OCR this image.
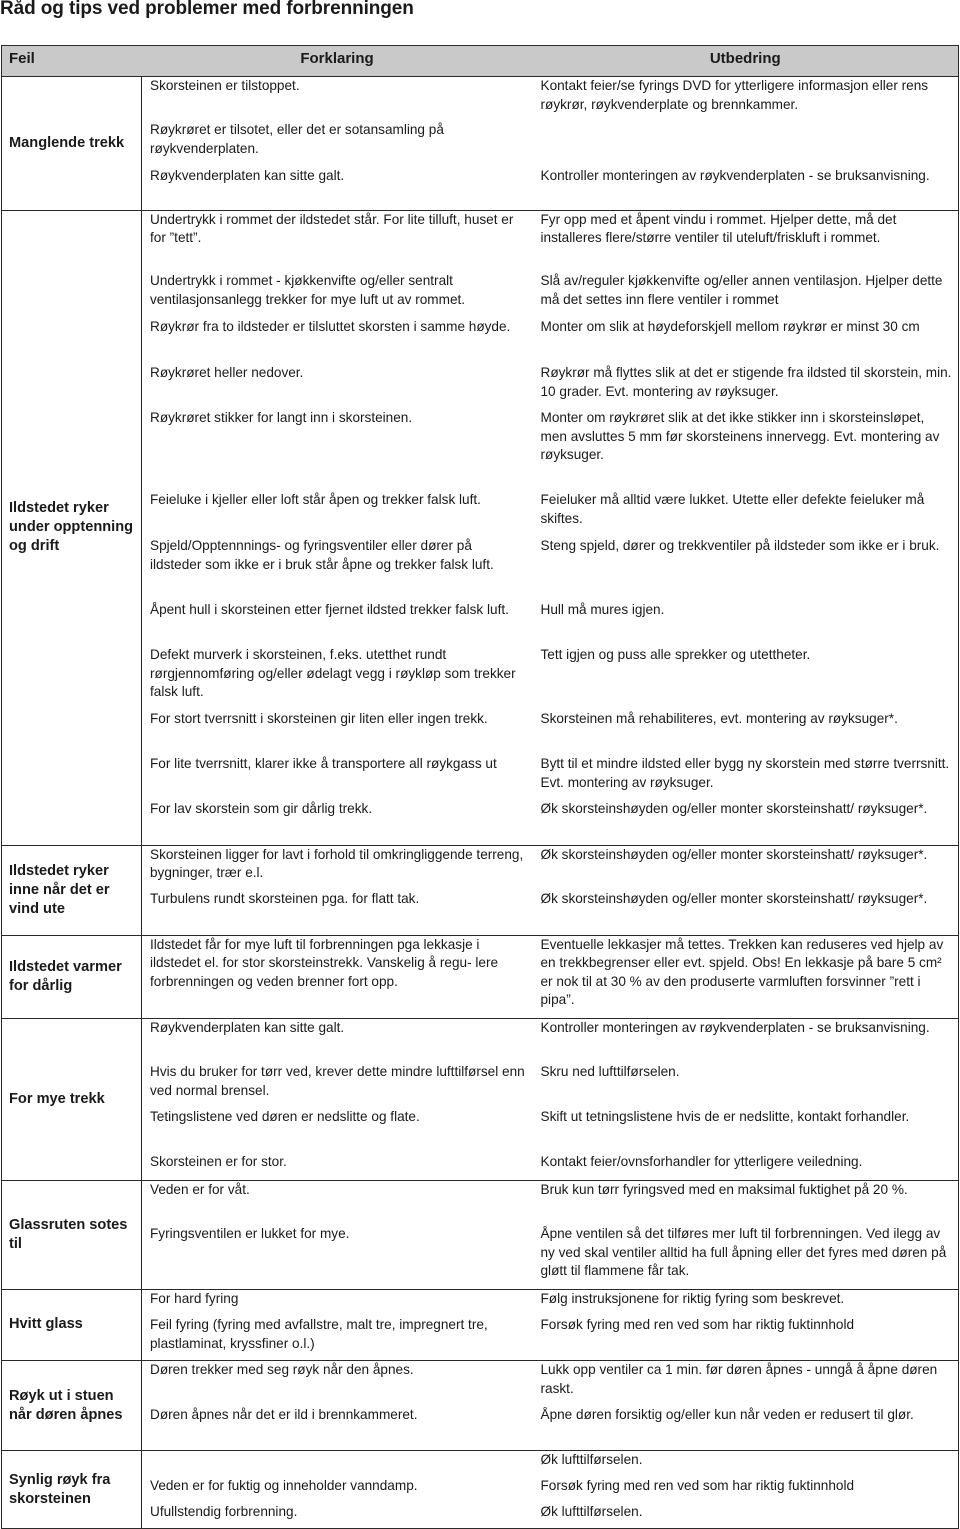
Råd og tips ved problemer med forbrenningen
Feil	Forklaring	Utbedring
Manglende trekk	Skorsteinen er tilstoppet.	Kontakt feier/se fyrings DVD for ytterligere informasjon eller rens røykrør, røykvenderplate og brennkammer.
	Røykrøret er tilsotet, eller det er sotansamling på røykvenderplaten.	
	Røykvenderplaten kan sitte galt.	Kontroller monteringen av røykvenderplaten - se bruksanvisning.
Ildstedet ryker under opptenning og drift	Undertrykk i rommet der ildstedet står. For lite tilluft, huset er for ”tett”.	Fyr opp med et åpent vindu i rommet. Hjelper dette, må det installeres flere/større ventiler til uteluft/friskluft i rommet.
	Undertrykk i rommet - kjøkkenvifte og/eller sentralt ventilasjonsanlegg trekker for mye luft ut av rommet.	Slå av/reguler kjøkkenvifte og/eller annen ventilasjon. Hjelper dette må det settes inn flere ventiler i rommet
	Røykrør fra to ildsteder er tilsluttet skorsten i samme høyde.	Monter om slik at høydeforskjell mellom røykrør er minst 30 cm
	Røykrøret heller nedover.	Røykrør må flyttes slik at det er stigende fra ildsted til skorstein, min. 10 grader. Evt. montering av røyksuger.
	Røykrøret stikker for langt inn i skorsteinen.	Monter om røykrøret slik at det ikke stikker inn i skorsteinsløpet, men avsluttes 5 mm før skorsteinens innervegg. Evt. montering av røyksuger.
	Feieluke i kjeller eller loft står åpen og trekker falsk luft.	Feieluker må alltid være lukket. Utette eller defekte feieluker må skiftes.
	Spjeld/Opptennnings- og fyringsventiler eller dører på ildsteder som ikke er i bruk står åpne og trekker falsk luft.	Steng spjeld, dører og trekkventiler på ildsteder som ikke er i bruk.
	Åpent hull i skorsteinen etter fjernet ildsted trekker falsk luft.	Hull må mures igjen.
	Defekt murverk i skorsteinen, f.eks. utetthet rundt rørgjennomføring og/eller ødelagt vegg i røykløp som trekker falsk luft.	Tett igjen og puss alle sprekker og utettheter.
	For stort tverrsnitt i skorsteinen gir liten eller ingen trekk.	Skorsteinen må rehabiliteres, evt. montering av røyksuger*.
	For lite tverrsnitt, klarer ikke å transportere all røykgass ut	Bytt til et mindre ildsted eller bygg ny skorstein med større tverrsnitt. Evt. montering av røyksuger.
	For lav skorstein som gir dårlig trekk.	Øk skorsteinshøyden og/eller monter skorsteinshatt/ røyksuger*.
Ildstedet ryker inne når det er vind ute	Skorsteinen ligger for lavt i forhold til omkringliggende terreng, bygninger, trær e.l.	Øk skorsteinshøyden og/eller monter skorsteinshatt/ røyksuger*.
	Turbulens rundt skorsteinen pga. for flatt tak.	Øk skorsteinshøyden og/eller monter skorsteinshatt/ røyksuger*.
Ildstedet varmer for dårlig	Ildstedet får for mye luft til forbrenningen pga lekkasje i ildstedet el. for stor skorsteinstrekk. Vanskelig å regu- lere forbrenningen og veden brenner fort opp.	Eventuelle lekkasjer må tettes. Trekken kan reduseres ved hjelp av en trekkbegrenser eller evt. spjeld. Obs! En lekkasje på bare 5 cm² er nok til at 30 % av den produserte varmluften forsvinner ”rett i pipa”.
For mye trekk	Røykvenderplaten kan sitte galt.	Kontroller monteringen av røykvenderplaten - se bruksanvisning.
	Hvis du bruker for tørr ved, krever dette mindre lufttilførsel enn ved normal brensel.	Skru ned lufttilførselen.
	Tetingslistene ved døren er nedslitte og flate.	Skift ut tetningslistene hvis de er nedslitte, kontakt forhandler.
	Skorsteinen er for stor.	Kontakt feier/ovnsforhandler for ytterligere veiledning.
Glassruten sotes til	Veden er for våt.	Bruk kun tørr fyringsved med en maksimal fuktighet på 20 %.
	Fyringsventilen er lukket for mye.	Åpne ventilen så det tilføres mer luft til forbrenningen. Ved ilegg av ny ved skal ventiler alltid ha full åpning eller det fyres med døren på gløtt til flammene får tak.
Hvitt glass	For hard fyring	Følg instruksjonene for riktig fyring som beskrevet.
	Feil fyring (fyring med avfallstre, malt tre, impregnert tre, plastlaminat, kryssfiner o.l.)	Forsøk fyring med ren ved som har riktig fuktinnhold
Røyk ut i stuen når døren åpnes	Døren trekker med seg røyk når den åpnes.	Lukk opp ventiler ca 1 min. før døren åpnes - unngå å åpne døren raskt.
	Døren åpnes når det er ild i brennkammeret.	Åpne døren forsiktig og/eller kun når veden er redusert til glør.
Synlig røyk fra skorsteinen		Øk lufttilførselen.
	Veden er for fuktig og inneholder vanndamp.	Forsøk fyring med ren ved som har riktig fuktinnhold
	Ufullstendig forbrenning.	Øk lufttilførselen.
